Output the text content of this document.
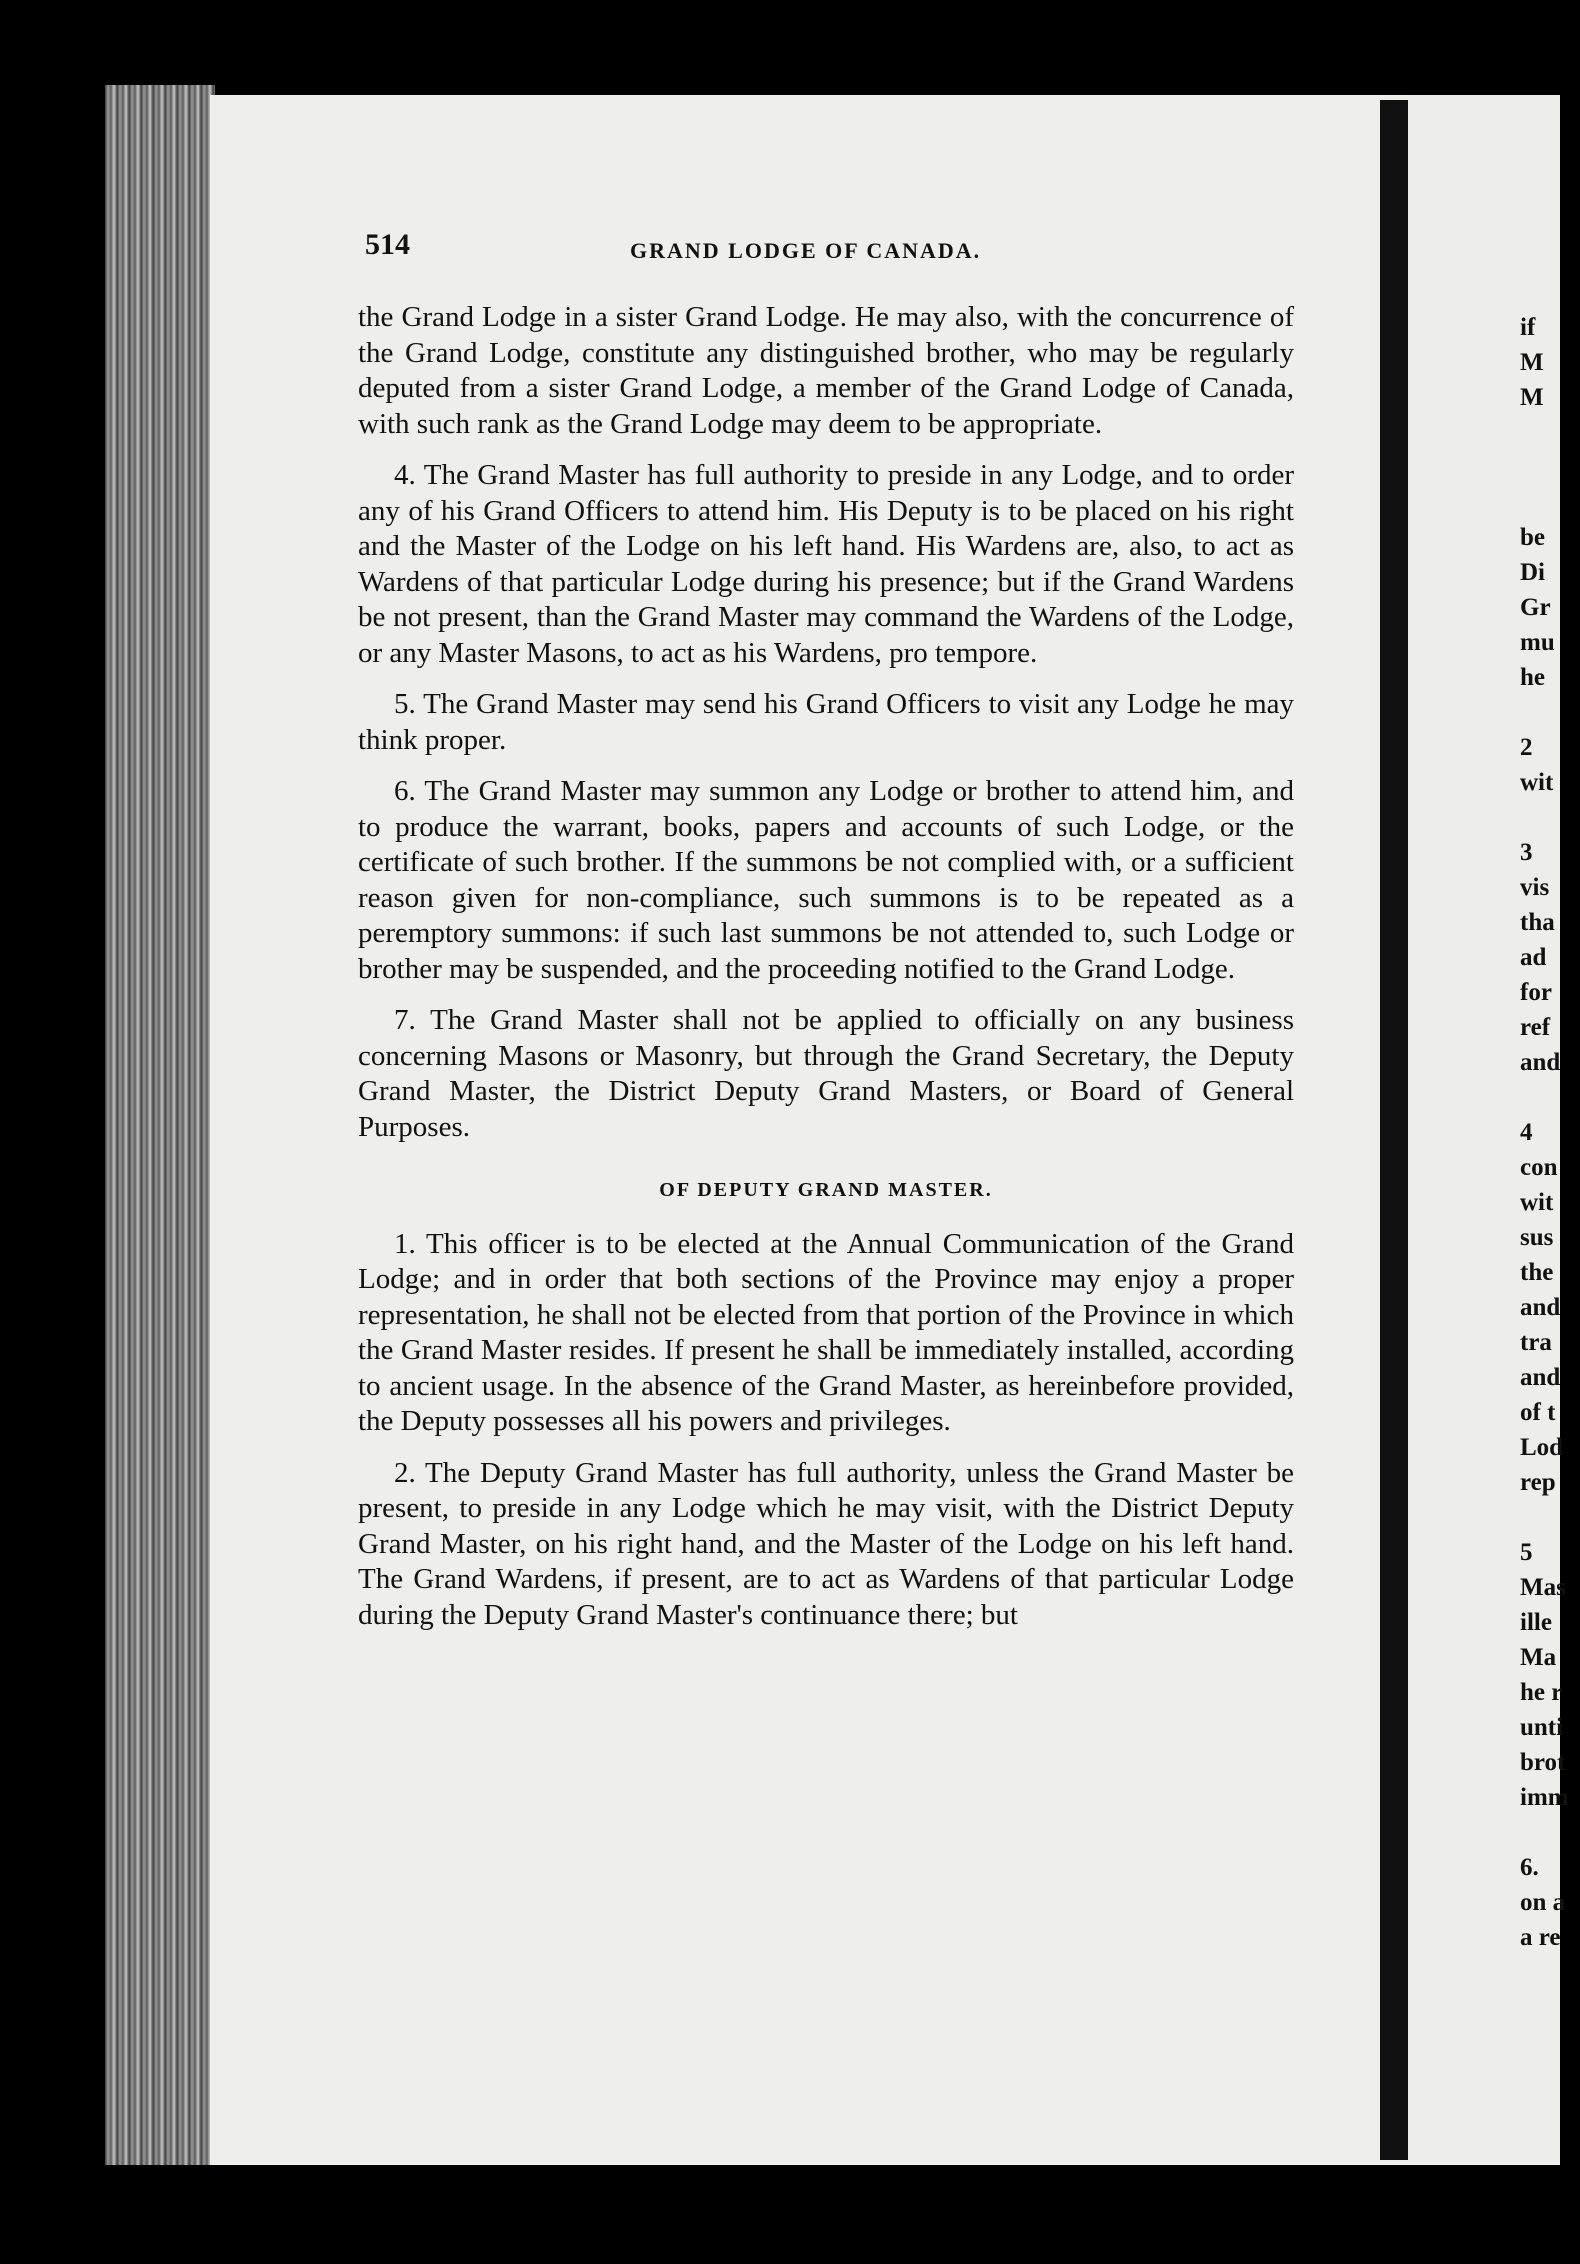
514	GRAND LODGE OF CANADA.

the Grand Lodge in a sister Grand Lodge. He may also, with the concurrence of the Grand Lodge, constitute any distinguished brother, who may be regularly deputed from a sister Grand Lodge, a member of the Grand Lodge of Canada, with such rank as the Grand Lodge may deem to be appropriate.

4. The Grand Master has full authority to preside in any Lodge, and to order any of his Grand Officers to attend him. His Deputy is to be placed on his right and the Master of the Lodge on his left hand. His Wardens are, also, to act as Wardens of that particular Lodge during his presence; but if the Grand Wardens be not present, than the Grand Master may command the Wardens of the Lodge, or any Master Masons, to act as his Wardens, pro tempore.

5. The Grand Master may send his Grand Officers to visit any Lodge he may think proper.

6. The Grand Master may summon any Lodge or brother to attend him, and to produce the warrant, books, papers and accounts of such Lodge, or the certificate of such brother. If the summons be not complied with, or a sufficient reason given for non-compliance, such summons is to be repeated as a peremptory summons: if such last summons be not attended to, such Lodge or brother may be suspended, and the proceeding notified to the Grand Lodge.

7. The Grand Master shall not be applied to officially on any business concerning Masons or Masonry, but through the Grand Secretary, the Deputy Grand Master, the District Deputy Grand Masters, or Board of General Purposes.

OF DEPUTY GRAND MASTER.

1. This officer is to be elected at the Annual Communication of the Grand Lodge; and in order that both sections of the Province may enjoy a proper representation, he shall not be elected from that portion of the Province in which the Grand Master resides. If present he shall be immediately installed, according to ancient usage. In the absence of the Grand Master, as hereinbefore provided, the Deputy possesses all his powers and privileges.

2. The Deputy Grand Master has full authority, unless the Grand Master be present, to preside in any Lodge which he may visit, with the District Deputy Grand Master, on his right hand, and the Master of the Lodge on his left hand. The Grand Wardens, if present, are to act as Wardens of that particular Lodge during the Deputy Grand Master's continuance there; but

if
M
M
be
Di
Gr
mu
he
2
wit
3
vis
tha
ad
for
ref
and
4
con
wit
sus
the
and
tra
and
of t
Lod
rep
5
Mas
ille
Ma
he r
unti
brot
imm
6.
on a
a re
